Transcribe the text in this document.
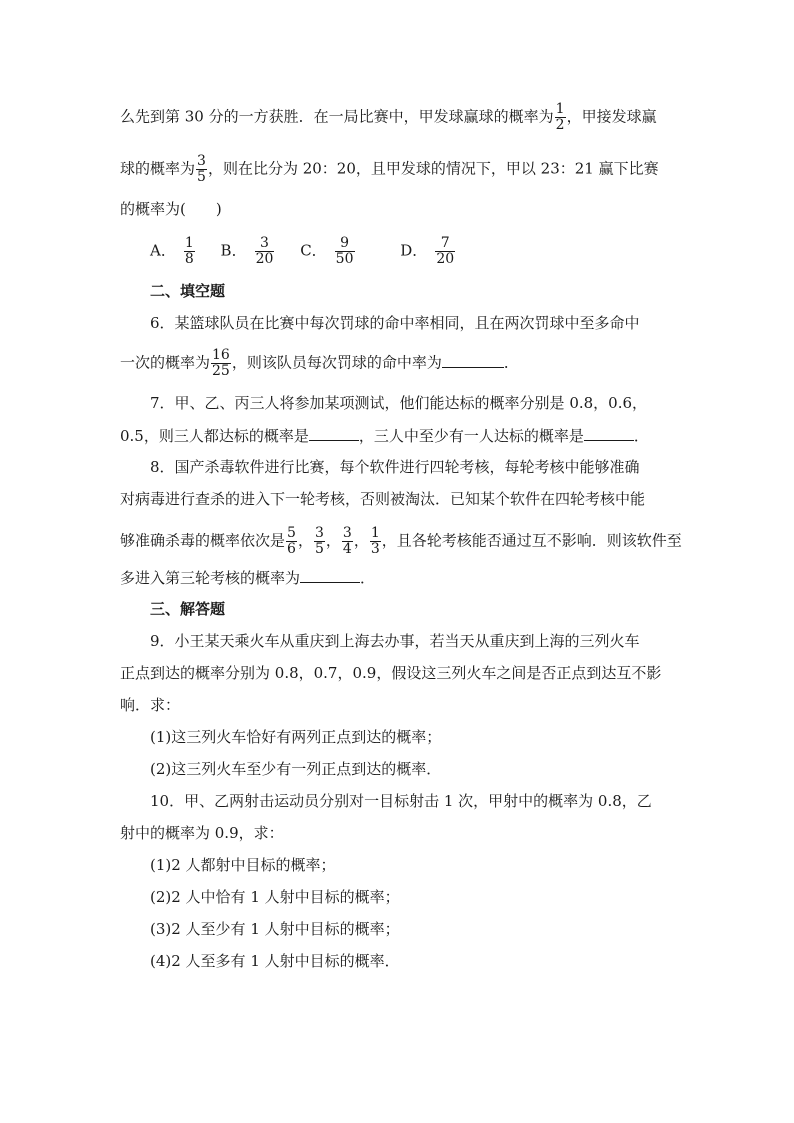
么先到第 30 分的一方获胜．在一局比赛中，甲发球赢球的概率为 $\frac{1}{2}$ ，甲接发球赢
球的概率为 $\frac{3}{5}$ ，则在比分为 20：20，且甲发球的情况下，甲以 23：21 赢下比赛
的概率为(　　)
A． $\frac{1}{8}$ B． $\frac{3}{20}$ C． $\frac{9}{50}$	D． $\frac{7}{20}$
二、填空题
6．某篮球队员在比赛中每次罚球的命中率相同，且在两次罚球中至多命中
一次的概率为 $\frac{16}{25}$ ，则该队员每次罚球的命中率为	．
7．甲、乙、丙三人将参加某项测试，他们能达标的概率分别是 0.8，0.6，
0.5，则三人都达标的概率是	，三人中至少有一人达标的概率是	．
8．国产杀毒软件进行比赛，每个软件进行四轮考核，每轮考核中能够准确
对病毒进行查杀的进入下一轮考核，否则被淘汰．已知某个软件在四轮考核中能
够准确杀毒的概率依次是 $\frac{5}{6}$ ， $\frac{3}{5}$ ， $\frac{3}{4}$ ， $\frac{1}{3}$ ，且各轮考核能否通过互不影响．则该软件至
多进入第三轮考核的概率为	．
三、解答题
9．小王某天乘火车从重庆到上海去办事，若当天从重庆到上海的三列火车
正点到达的概率分别为 0.8，0.7，0.9，假设这三列火车之间是否正点到达互不影
响．求：
(1)这三列火车恰好有两列正点到达的概率；
(2)这三列火车至少有一列正点到达的概率．
10．甲、乙两射击运动员分别对一目标射击 1 次，甲射中的概率为 0.8，乙
射中的概率为 0.9，求：
(1)2 人都射中目标的概率；
(2)2 人中恰有 1 人射中目标的概率；
(3)2 人至少有 1 人射中目标的概率；
(4)2 人至多有 1 人射中目标的概率．
